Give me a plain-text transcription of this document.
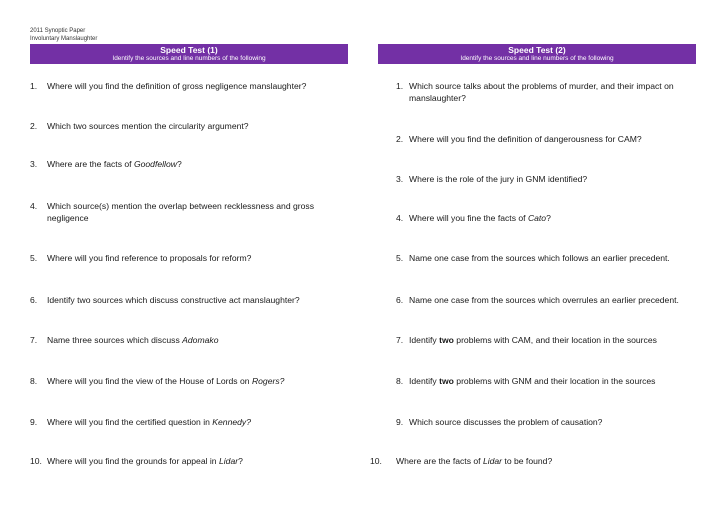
2011 Synoptic Paper
Involuntary Manslaughter
Speed Test (1)
Identify the sources and line numbers of the following
1.	Where will you find the definition of gross negligence manslaughter?
2.	Which two sources mention the circularity argument?
3.	Where are the facts of Goodfellow?
4.	Which source(s) mention the overlap between recklessness and gross negligence
5.	Where will you find reference to proposals for reform?
6.	Identify two sources which discuss constructive act manslaughter?
7.	Name three sources which discuss Adomako
8.	Where will you find the view of the House of Lords on Rogers?
9.	Where will you find the certified question in Kennedy?
10. Where will you find the grounds for appeal in Lidar?
Speed Test (2)
Identify the sources and line numbers of the following
1. Which source talks about the problems of murder, and their impact on manslaughter?
2. Where will you find the definition of dangerousness for CAM?
3. Where is the role of the jury in GNM identified?
4. Where will you fine the facts of Cato?
5. Name one case from the sources which follows an earlier precedent.
6. Name one case from the sources which overrules an earlier precedent.
7. Identify two problems with CAM, and their location in the sources
8. Identify two problems with GNM and their location in the sources
9. Which source discusses the problem of causation?
10.	Where are the facts of Lidar to be found?
